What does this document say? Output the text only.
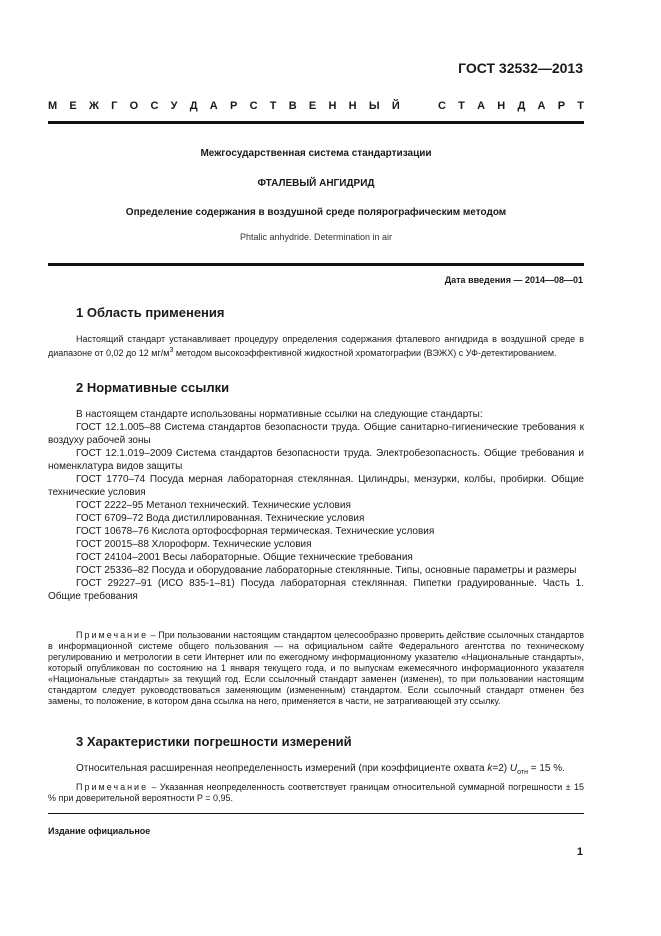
ГОСТ 32532—2013
М Е Ж Г О С У Д А Р С Т В Е Н Н Ы Й	С Т А Н Д А Р Т
Межгосударственная система стандартизации
ФТАЛЕВЫЙ АНГИДРИД
Определение содержания в воздушной среде полярографическим методом
Phtalic anhydride. Determination in air
Дата введения — 2014—08—01
1 Область применения
Настоящий стандарт устанавливает процедуру определения содержания фталевого ангидрида в воздушной среде в диапазоне от 0,02 до 12 $мг/м^3$ методом высокоэффективной жидкостной хроматографии (ВЭЖХ) с УФ-детектированием.
2 Нормативные ссылки

В настоящем стандарте использованы нормативные ссылки на следующие стандарты:

ГОСТ 12.1.005–88 Система стандартов безопасности труда. Общие санитарно-гигиенические требования к воздуху рабочей зоны

ГОСТ 12.1.019–2009 Система стандартов безопасности труда. Электробезопасность. Общие требования и номенклатура видов защиты

ГОСТ 1770–74 Посуда мерная лабораторная стеклянная. Цилиндры, мензурки, колбы, пробирки. Общие технические условия

ГОСТ 2222–95 Метанол технический. Технические условия

ГОСТ 6709–72 Вода дистиллированная. Технические условия

ГОСТ 10678–76 Кислота ортофосфорная термическая. Технические условия

ГОСТ 20015–88 Хлороформ. Технические условия

ГОСТ 24104–2001 Весы лабораторные. Общие технические требования

ГОСТ 25336–82 Посуда и оборудование лабораторные стеклянные. Типы, основные параметры и размеры

ГОСТ 29227–91 (ИСО 835-1–81) Посуда лабораторная стеклянная. Пипетки градуированные. Часть 1. Общие требования

Примечание – При пользовании настоящим стандартом целесообразно проверить действие ссылочных стандартов в информационной системе общего пользования — на официальном сайте Федерального агентства по техническому регулированию и метрологии в сети Интернет или по ежегодному информационному указателю «Национальные стандарты», который опубликован по состоянию на 1 января текущего года, и по выпускам ежемесячного информационного указателя «Национальные стандарты» за текущий год. Если ссылочный стандарт заменен (изменен), то при пользовании настоящим стандартом следует руководствоваться заменяющим (измененным) стандартом. Если ссылочный стандарт отменен без замены, то положение, в котором дана ссылка на него, применяется в части, не затрагивающей эту ссылку.

3 Характеристики погрешности измерений

Относительная расширенная неопределенность измерений (при коэффициенте охвата k=2) $U_{отн} = 15$ %.

Примечание – Указанная неопределенность соответствует границам относительной суммарной погрешности ± 15 % при доверительной вероятности P = 0,95.

Издание официальное
1
